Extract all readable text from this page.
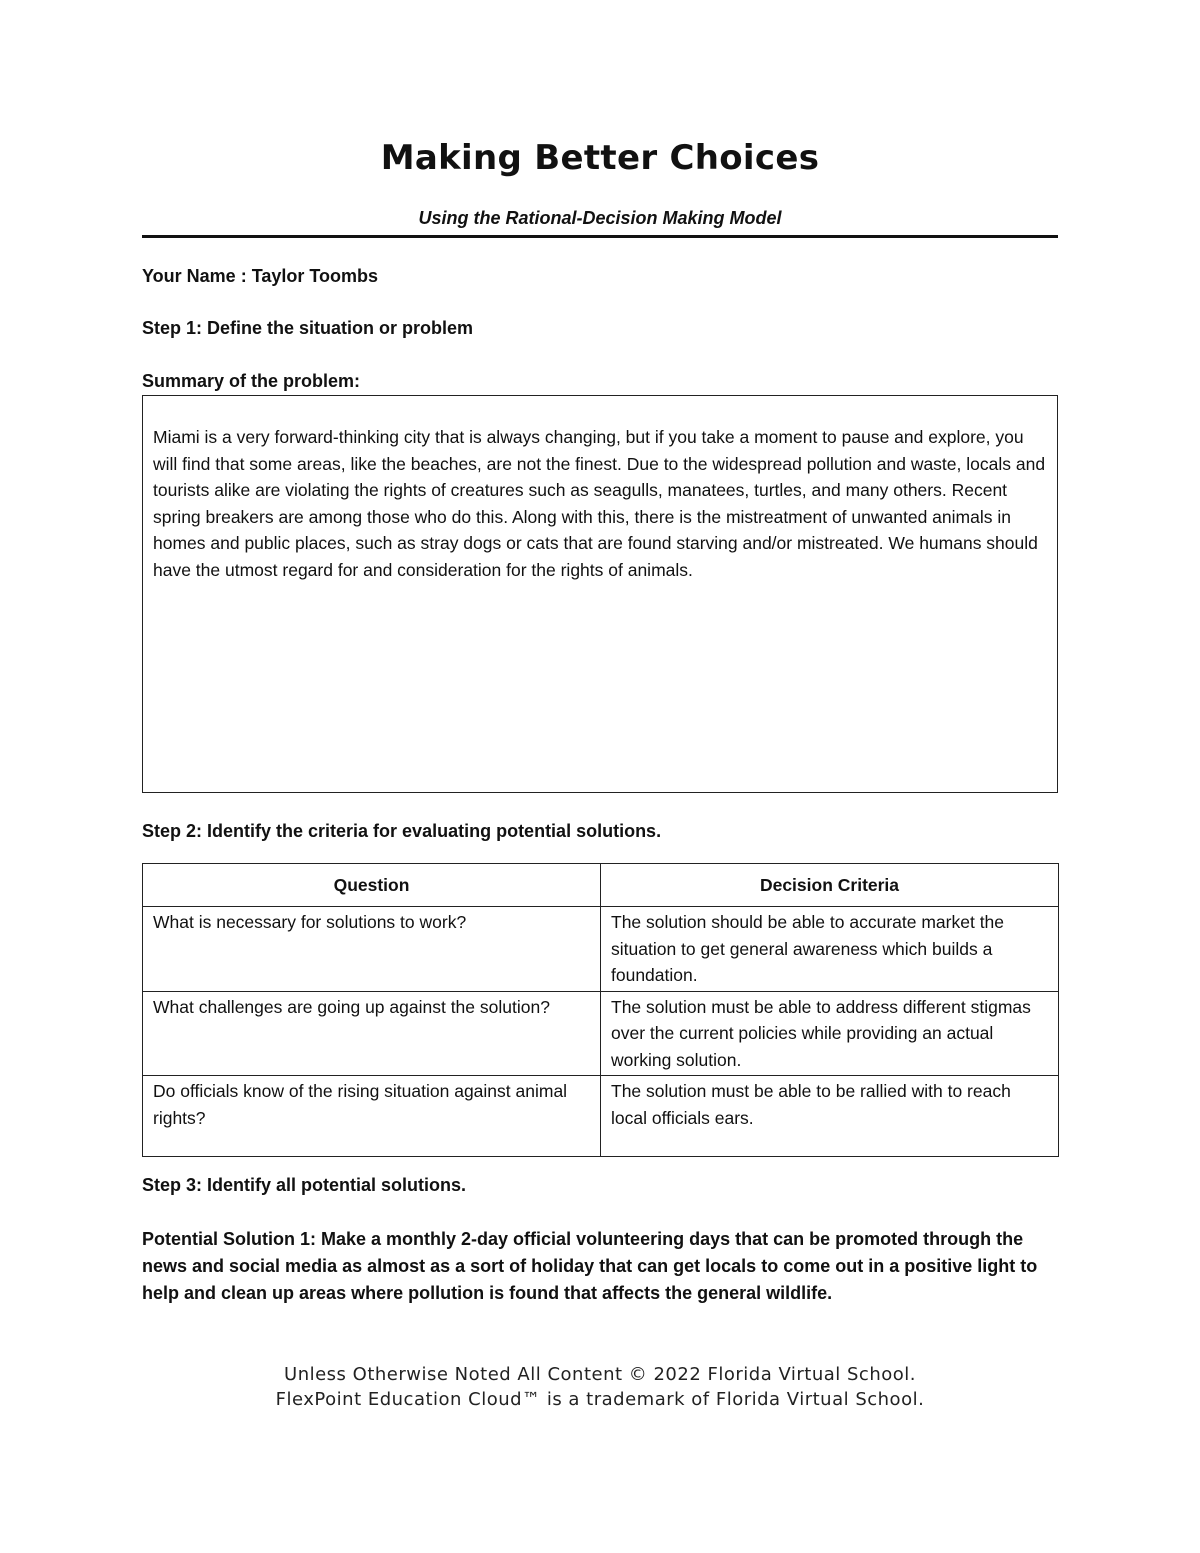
Making Better Choices
Using the Rational-Decision Making Model
Your Name : Taylor Toombs
Step 1: Define the situation or problem
Summary of the problem:
Miami is a very forward-thinking city that is always changing, but if you take a moment to pause and explore, you will find that some areas, like the beaches, are not the finest. Due to the widespread pollution and waste, locals and tourists alike are violating the rights of creatures such as seagulls, manatees, turtles, and many others. Recent spring breakers are among those who do this. Along with this, there is the mistreatment of unwanted animals in homes and public places, such as stray dogs or cats that are found starving and/or mistreated. We humans should have the utmost regard for and consideration for the rights of animals.
Step 2: Identify the criteria for evaluating potential solutions.
Question	Decision Criteria
What is necessary for solutions to work?	The solution should be able to accurate market the situation to get general awareness which builds a foundation.
What challenges are going up against the solution?	The solution must be able to address different stigmas over the current policies while providing an actual working solution.
Do officials know of the rising situation against animal rights?	The solution must be able to be rallied with to reach local officials ears.
Step 3: Identify all potential solutions.
Potential Solution 1: Make a monthly 2-day official volunteering days that can be promoted through the news and social media as almost as a sort of holiday that can get locals to come out in a positive light to help and clean up areas where pollution is found that affects the general wildlife.
Unless Otherwise Noted All Content © 2022 Florida Virtual School.
FlexPoint Education Cloud™ is a trademark of Florida Virtual School.
